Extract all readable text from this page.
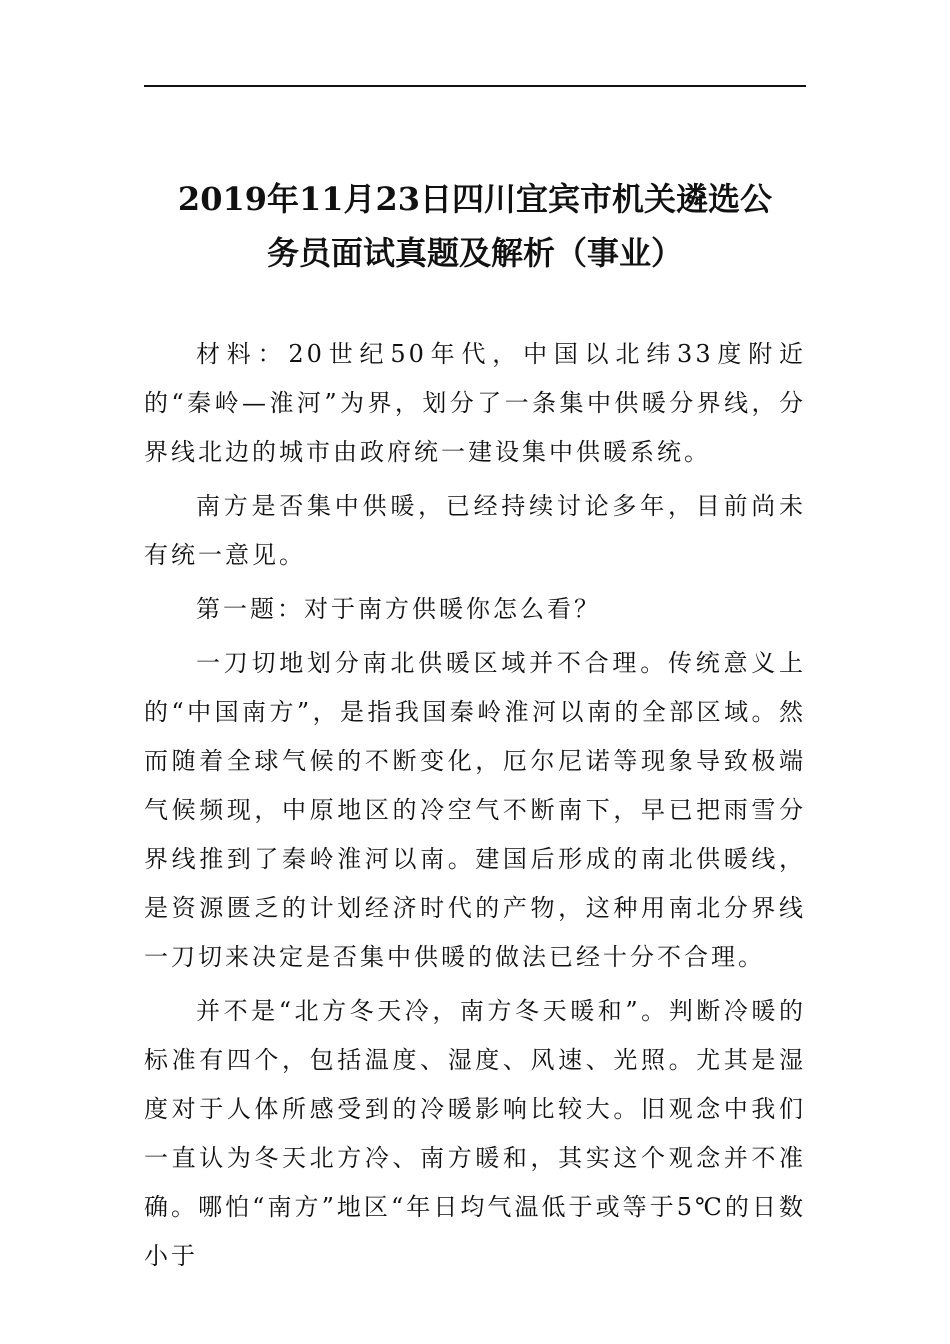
2019年11月23日四川宜宾市机关遴选公
务员面试真题及解析（事业）

材料：20世纪50年代，中国以北纬33度附近的“秦岭—淮河”为界，划分了一条集中供暖分界线，分界线北边的城市由政府统一建设集中供暖系统。

南方是否集中供暖，已经持续讨论多年，目前尚未有统一意见。

第一题：对于南方供暖你怎么看？

一刀切地划分南北供暖区域并不合理。传统意义上的“中国南方”，是指我国秦岭淮河以南的全部区域。然而随着全球气候的不断变化，厄尔尼诺等现象导致极端气候频现，中原地区的冷空气不断南下，早已把雨雪分界线推到了秦岭淮河以南。建国后形成的南北供暖线，是资源匮乏的计划经济时代的产物，这种用南北分界线一刀切来决定是否集中供暖的做法已经十分不合理。

并不是“北方冬天冷，南方冬天暖和”。判断冷暖的标准有四个，包括温度、湿度、风速、光照。尤其是湿度对于人体所感受到的冷暖影响比较大。旧观念中我们一直认为冬天北方冷、南方暖和，其实这个观念并不准确。哪怕“南方”地区“年日均气温低于或等于5℃的日数小于
